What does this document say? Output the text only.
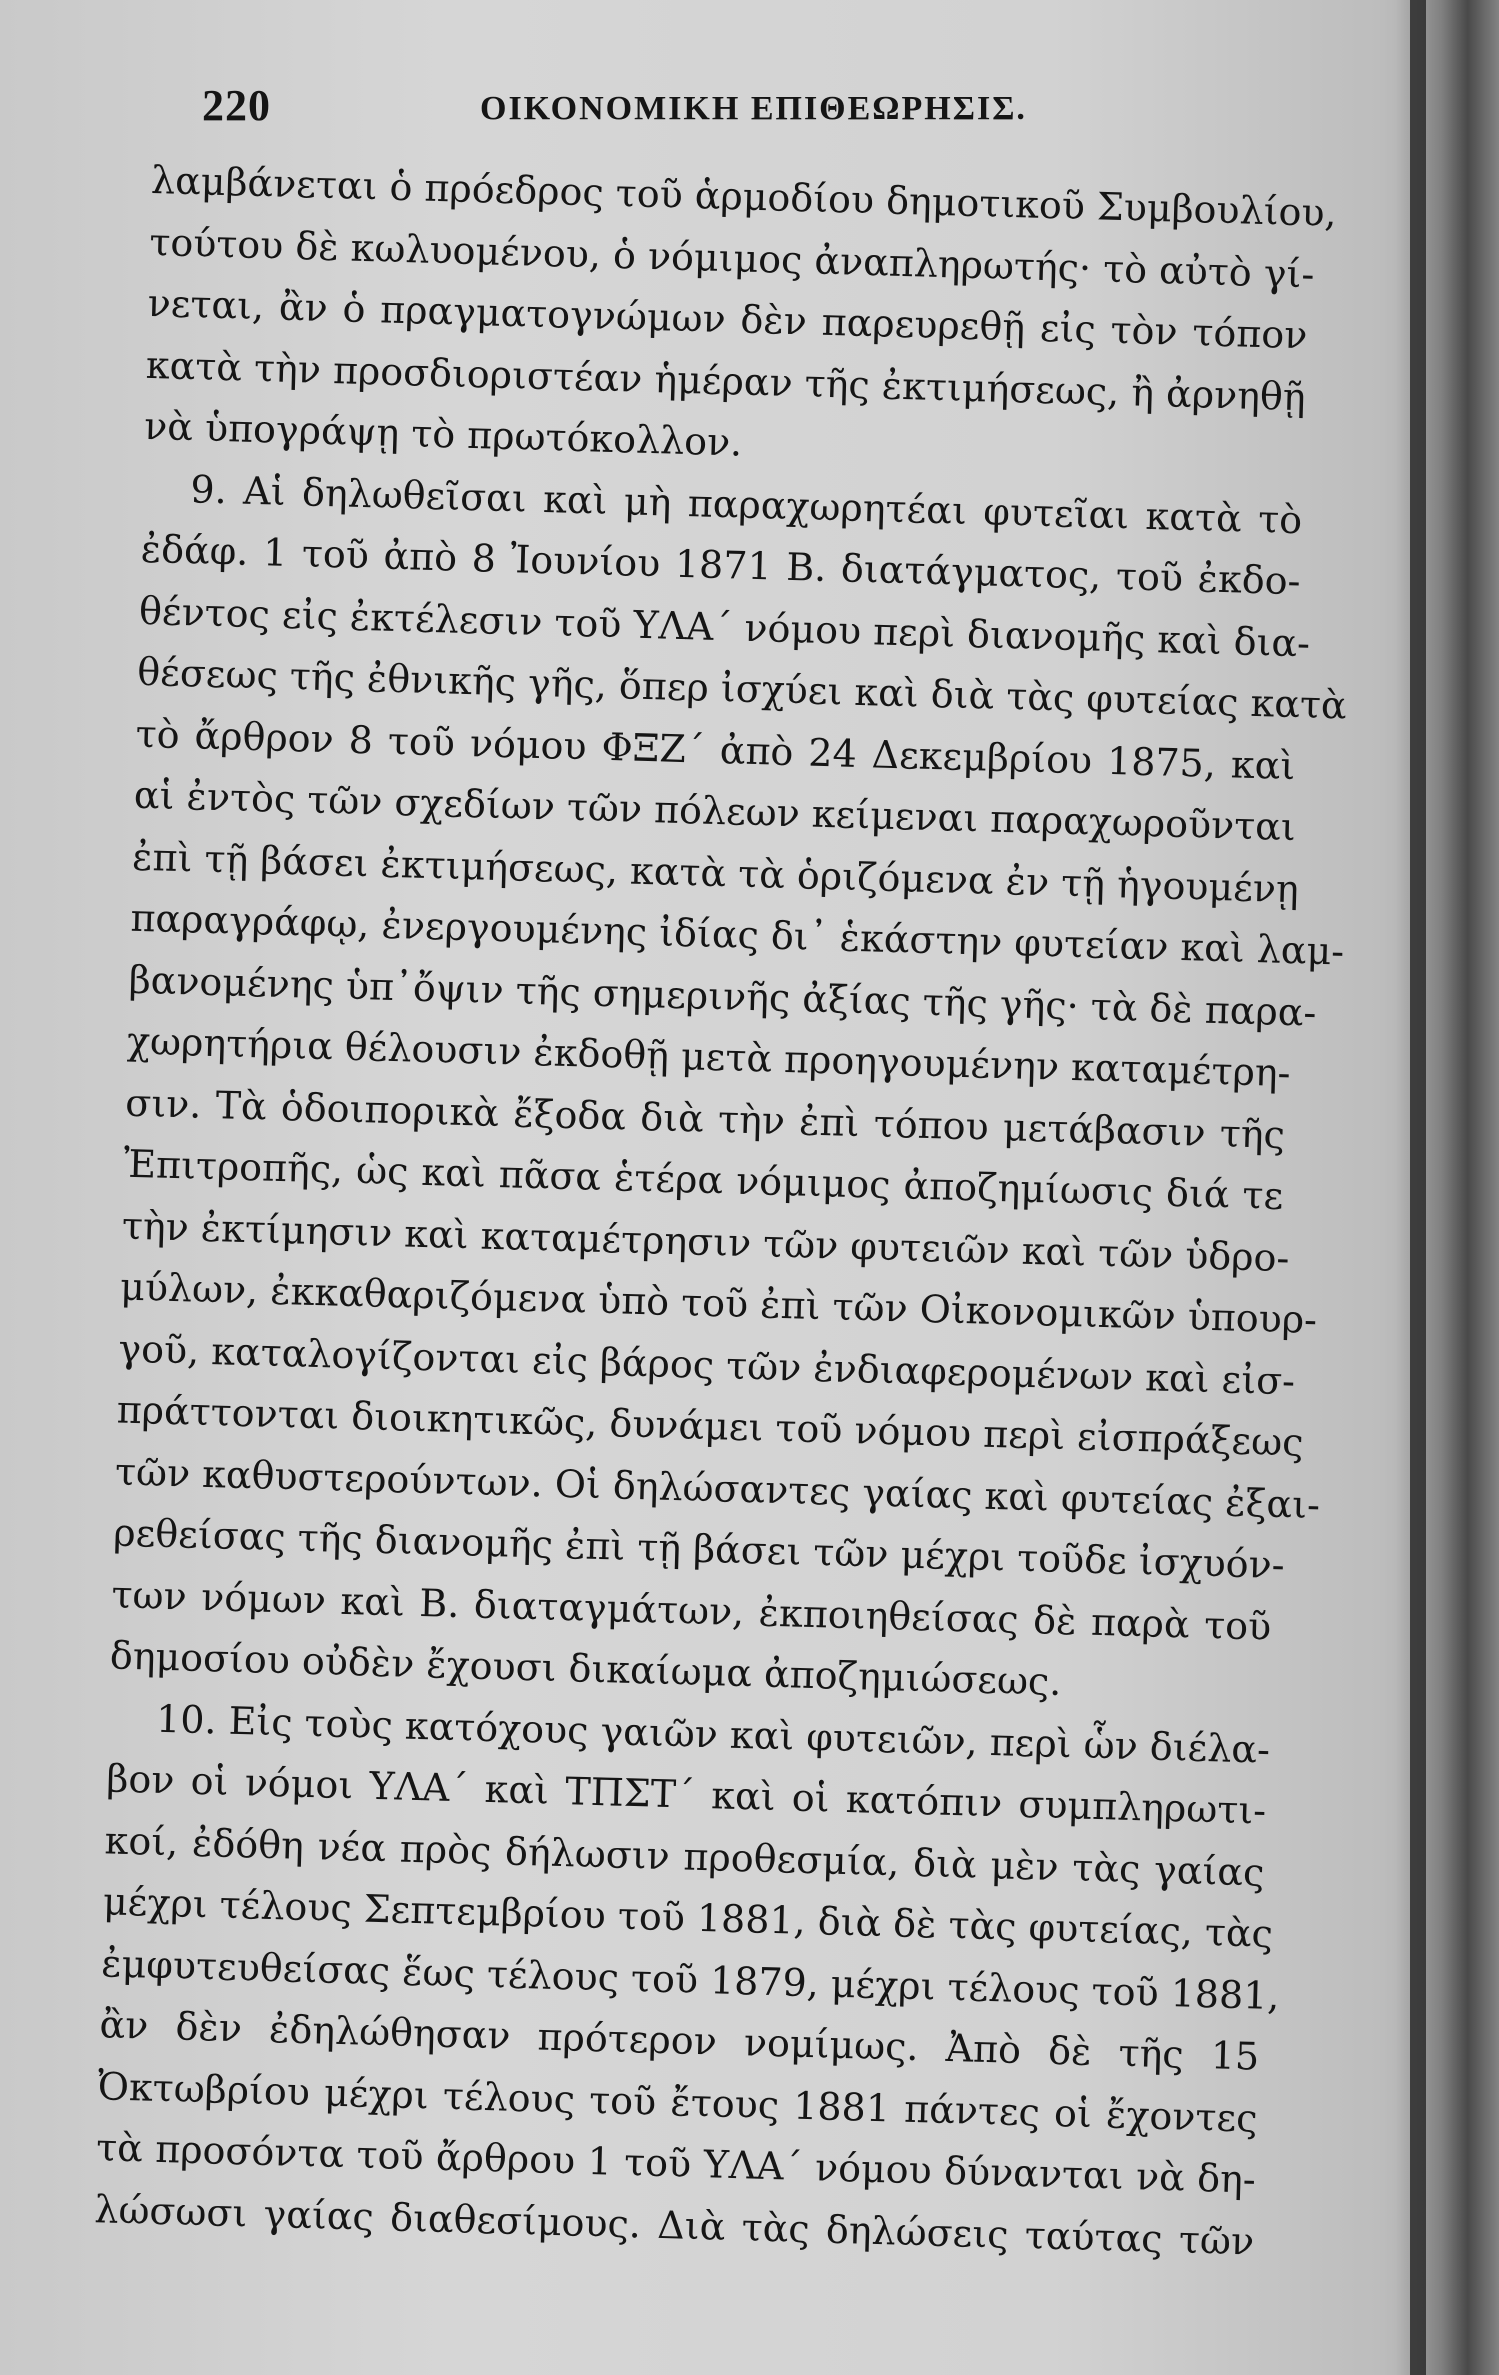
220	ΟΙΚΟΝΟΜΙΚΗ ΕΠΙΘΕΩΡΗΣΙΣ.
λαμβάνεται ὁ πρόεδρος τοῦ ἁρμοδίου δημοτικοῦ Συμβουλίου,
τούτου δὲ κωλυομένου, ὁ νόμιμος ἀναπληρωτής· τὸ αὐτὸ γί-
νεται, ἂν ὁ πραγματογνώμων δὲν παρευρεθῇ εἰς τὸν τόπον
κατὰ τὴν προσδιοριστέαν ἡμέραν τῆς ἐκτιμήσεως, ἢ ἀρνηθῇ
νὰ ὑπογράψῃ τὸ πρωτόκολλον.
9. Αἱ δηλωθεῖσαι καὶ μὴ παραχωρητέαι φυτεῖαι κατὰ τὸ
ἐδάφ. 1 τοῦ ἀπὸ 8 Ἰουνίου 1871 Β. διατάγματος, τοῦ ἐκδο-
θέντος εἰς ἐκτέλεσιν τοῦ ΥΛΑ΄ νόμου περὶ διανομῆς καὶ δια-
θέσεως τῆς ἐθνικῆς γῆς, ὅπερ ἰσχύει καὶ διὰ τὰς φυτείας κατὰ
τὸ ἄρθρον 8 τοῦ νόμου ΦΞΖ΄ ἀπὸ 24 Δεκεμβρίου 1875, καὶ
αἱ ἐντὸς τῶν σχεδίων τῶν πόλεων κείμεναι παραχωροῦνται
ἐπὶ τῇ βάσει ἐκτιμήσεως, κατὰ τὰ ὁριζόμενα ἐν τῇ ἡγουμένῃ
παραγράφῳ, ἐνεργουμένης ἰδίας δι᾿ ἑκάστην φυτείαν καὶ λαμ-
βανομένης ὑπ᾿ὄψιν τῆς σημερινῆς ἀξίας τῆς γῆς· τὰ δὲ παρα-
χωρητήρια θέλουσιν ἐκδοθῇ μετὰ προηγουμένην καταμέτρη-
σιν. Τὰ ὁδοιπορικὰ ἔξοδα διὰ τὴν ἐπὶ τόπου μετάβασιν τῆς
Ἐπιτροπῆς, ὡς καὶ πᾶσα ἑτέρα νόμιμος ἀποζημίωσις διά τε
τὴν ἐκτίμησιν καὶ καταμέτρησιν τῶν φυτειῶν καὶ τῶν ὑδρο-
μύλων, ἐκκαθαριζόμενα ὑπὸ τοῦ ἐπὶ τῶν Οἰκονομικῶν ὑπουρ-
γοῦ, καταλογίζονται εἰς βάρος τῶν ἐνδιαφερομένων καὶ εἰσ-
πράττονται διοικητικῶς, δυνάμει τοῦ νόμου περὶ εἰσπράξεως
τῶν καθυστερούντων. Οἱ δηλώσαντες γαίας καὶ φυτείας ἐξαι-
ρεθείσας τῆς διανομῆς ἐπὶ τῇ βάσει τῶν μέχρι τοῦδε ἰσχυόν-
των νόμων καὶ Β. διαταγμάτων, ἐκποιηθείσας δὲ παρὰ τοῦ
δημοσίου οὐδὲν ἔχουσι δικαίωμα ἀποζημιώσεως.
10. Εἰς τοὺς κατόχους γαιῶν καὶ φυτειῶν, περὶ ὧν διέλα-
βον οἱ νόμοι ΥΛΑ΄ καὶ ΤΠΣΤ΄ καὶ οἱ κατόπιν συμπληρωτι-
κοί, ἐδόθη νέα πρὸς δήλωσιν προθεσμία, διὰ μὲν τὰς γαίας
μέχρι τέλους Σεπτεμβρίου τοῦ 1881, διὰ δὲ τὰς φυτείας, τὰς
ἐμφυτευθείσας ἕως τέλους τοῦ 1879, μέχρι τέλους τοῦ 1881,
ἂν δὲν ἐδηλώθησαν πρότερον νομίμως. Ἀπὸ δὲ τῆς 15
Ὀκτωβρίου μέχρι τέλους τοῦ ἔτους 1881 πάντες οἱ ἔχοντες
τὰ προσόντα τοῦ ἄρθρου 1 τοῦ ΥΛΑ΄ νόμου δύνανται νὰ δη-
λώσωσι γαίας διαθεσίμους. Διὰ τὰς δηλώσεις ταύτας τῶν
